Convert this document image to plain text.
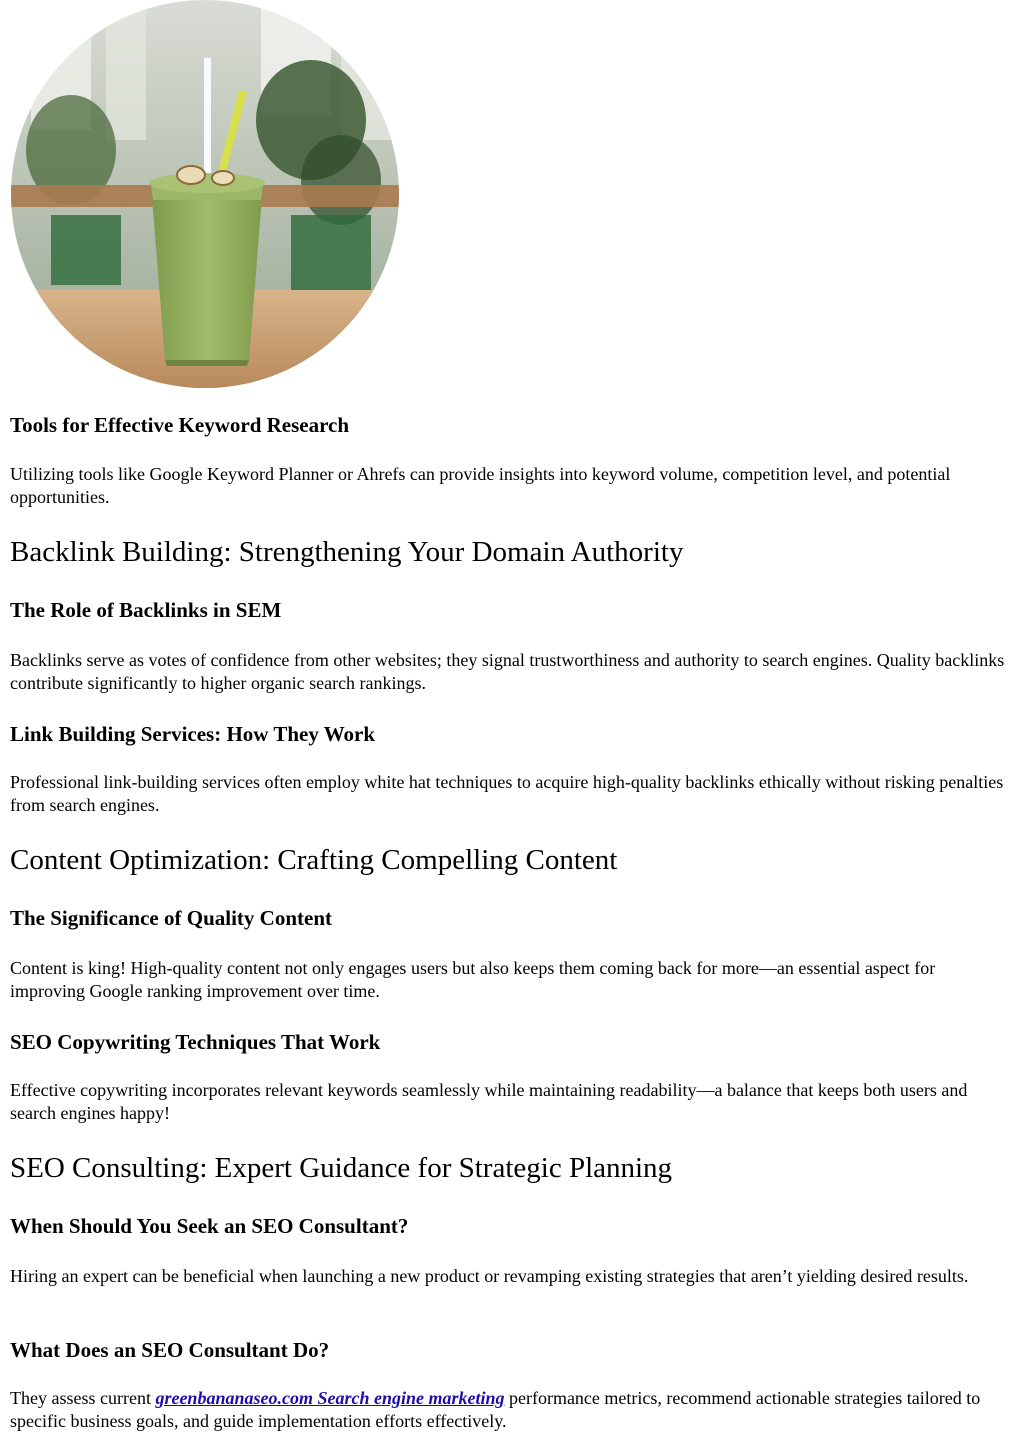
Tools for Effective Keyword Research

Utilizing tools like Google Keyword Planner or Ahrefs can provide insights into keyword volume, competition level, and potential opportunities.

Backlink Building: Strengthening Your Domain Authority
The Role of Backlinks in SEM

Backlinks serve as votes of confidence from other websites; they signal trustworthiness and authority to search engines. Quality backlinks contribute significantly to higher organic search rankings.

Link Building Services: How They Work

Professional link-building services often employ white hat techniques to acquire high-quality backlinks ethically without risking penalties from search engines.

Content Optimization: Crafting Compelling Content
The Significance of Quality Content

Content is king! High-quality content not only engages users but also keeps them coming back for more—an essential aspect for improving Google ranking improvement over time.

SEO Copywriting Techniques That Work

Effective copywriting incorporates relevant keywords seamlessly while maintaining readability—a balance that keeps both users and search engines happy!

SEO Consulting: Expert Guidance for Strategic Planning
When Should You Seek an SEO Consultant?

Hiring an expert can be beneficial when launching a new product or revamping existing strategies that aren’t yielding desired results.

What Does an SEO Consultant Do?

They assess current greenbananaseo.com Search engine marketing performance metrics, recommend actionable strategies tailored to specific business goals, and guide implementation efforts effectively.
